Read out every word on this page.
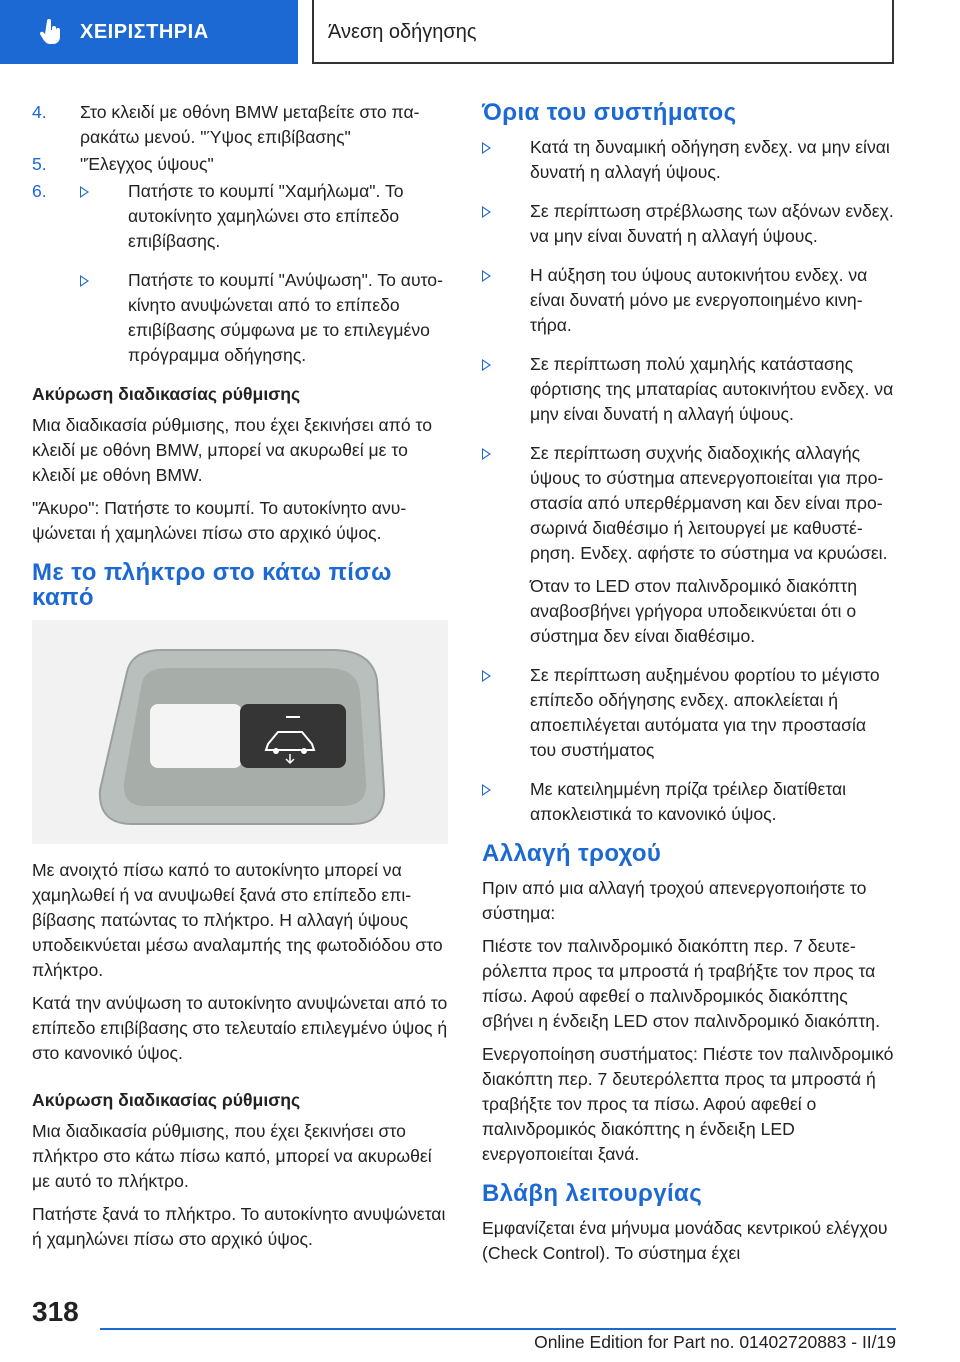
ΧΕΙΡΙΣΤΗΡΙΑ	Άνεση οδήγησης
4. Στο κλειδί με οθόνη BMW μεταβείτε στο παρακάτω μενού. "Ύψος επιβίβασης"
5. "Έλεγχος ύψους"
6.	Πατήστε το κουμπί "Χαμήλωμα". Το αυτοκίνητο χαμηλώνει στο επίπεδο επιβίβασης.
Πατήστε το κουμπί "Ανύψωση". Το αυτοκίνητο ανυψώνεται από το επίπεδο επιβίβασης σύμφωνα με το επιλεγμένο πρόγραμμα οδήγησης.
Ακύρωση διαδικασίας ρύθμισης

Μια διαδικασία ρύθμισης, που έχει ξεκινήσει από το κλειδί με οθόνη BMW, μπορεί να ακυρωθεί με το κλειδί με οθόνη BMW.

"Άκυρο": Πατήστε το κουμπί. Το αυτοκίνητο ανυψώνεται ή χαμηλώνει πίσω στο αρχικό ύψος.

Με το πλήκτρο στο κάτω πίσω καπό

Με ανοιχτό πίσω καπό το αυτοκίνητο μπορεί να χαμηλωθεί ή να ανυψωθεί ξανά στο επίπεδο επιβίβασης πατώντας το πλήκτρο. Η αλλαγή ύψους υποδεικνύεται μέσω αναλαμπής της φωτοδιόδου στο πλήκτρο.

Κατά την ανύψωση το αυτοκίνητο ανυψώνεται από το επίπεδο επιβίβασης στο τελευταίο επιλεγμένο ύψος ή στο κανονικό ύψος.

Ακύρωση διαδικασίας ρύθμισης

Μια διαδικασία ρύθμισης, που έχει ξεκινήσει στο πλήκτρο στο κάτω πίσω καπό, μπορεί να ακυρωθεί με αυτό το πλήκτρο.

Πατήστε ξανά το πλήκτρο. Το αυτοκίνητο ανυψώνεται ή χαμηλώνει πίσω στο αρχικό ύψος.

Όρια του συστήματος
Κατά τη δυναμική οδήγηση ενδεχ. να μην είναι δυνατή η αλλαγή ύψους.
Σε περίπτωση στρέβλωσης των αξόνων ενδεχ. να μην είναι δυνατή η αλλαγή ύψους.
Η αύξηση του ύψους αυτοκινήτου ενδεχ. να είναι δυνατή μόνο με ενεργοποιημένο κινητήρα.
Σε περίπτωση πολύ χαμηλής κατάστασης φόρτισης της μπαταρίας αυτοκινήτου ενδεχ. να μην είναι δυνατή η αλλαγή ύψους.
Σε περίπτωση συχνής διαδοχικής αλλαγής ύψους το σύστημα απενεργοποιείται για προστασία από υπερθέρμανση και δεν είναι προσωρινά διαθέσιμο ή λειτουργεί με καθυστέρηση. Ενδεχ. αφήστε το σύστημα να κρυώσει.
Όταν το LED στον παλινδρομικό διακόπτη αναβοσβήνει γρήγορα υποδεικνύεται ότι ο σύστημα δεν είναι διαθέσιμο.
Σε περίπτωση αυξημένου φορτίου το μέγιστο επίπεδο οδήγησης ενδεχ. αποκλείεται ή αποεπιλέγεται αυτόματα για την προστασία του συστήματος
Με κατειλημμένη πρίζα τρέιλερ διατίθεται αποκλειστικά το κανονικό ύψος.
Αλλαγή τροχού

Πριν από μια αλλαγή τροχού απενεργοποιήστε το σύστημα:

Πιέστε τον παλινδρομικό διακόπτη περ. 7 δευτερόλεπτα προς τα μπροστά ή τραβήξτε τον προς τα πίσω. Αφού αφεθεί ο παλινδρομικός διακόπτης σβήνει η ένδειξη LED στον παλινδρομικό διακόπτη.

Ενεργοποίηση συστήματος: Πιέστε τον παλινδρομικό διακόπτη περ. 7 δευτερόλεπτα προς τα μπροστά ή τραβήξτε τον προς τα πίσω. Αφού αφεθεί ο παλινδρομικός διακόπτης η ένδειξη LED ενεργοποιείται ξανά.

Βλάβη λειτουργίας

Εμφανίζεται ένα μήνυμα μονάδας κεντρικού ελέγχου (Check Control). Το σύστημα έχει

318
Online Edition for Part no. 01402720883 - II/19
